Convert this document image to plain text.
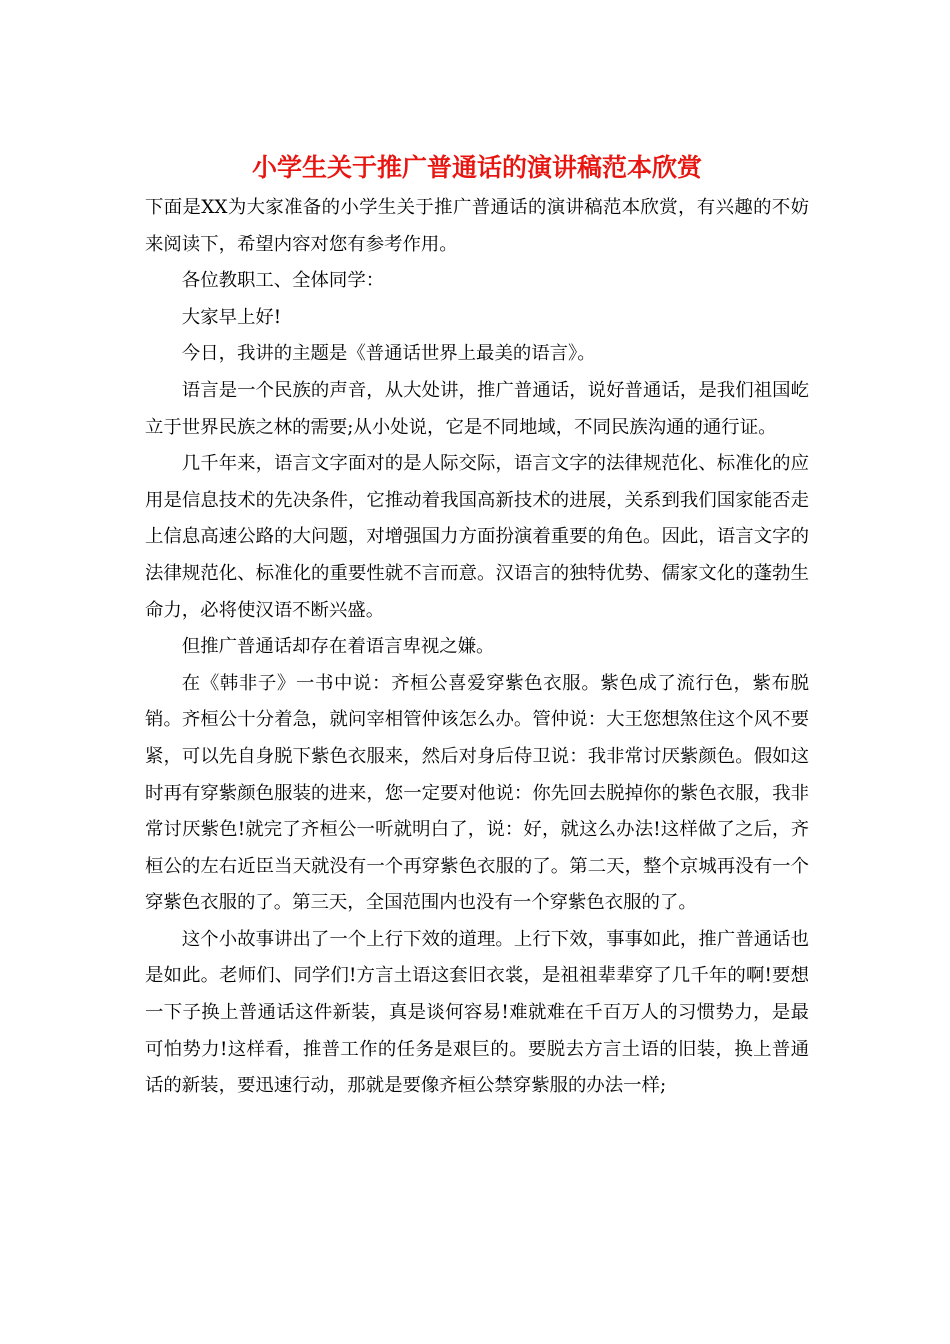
小学生关于推广普通话的演讲稿范本欣赏

下面是XX为大家准备的小学生关于推广普通话的演讲稿范本欣赏，有兴趣的不妨来阅读下，希望内容对您有参考作用。

各位教职工、全体同学：

大家早上好!

今日，我讲的主题是《普通话世界上最美的语言》。

语言是一个民族的声音，从大处讲，推广普通话，说好普通话，是我们祖国屹立于世界民族之林的需要;从小处说，它是不同地域，不同民族沟通的通行证。

几千年来，语言文字面对的是人际交际，语言文字的法律规范化、标准化的应用是信息技术的先决条件，它推动着我国高新技术的进展，关系到我们国家能否走上信息高速公路的大问题，对增强国力方面扮演着重要的角色。因此，语言文字的法律规范化、标准化的重要性就不言而意。汉语言的独特优势、儒家文化的蓬勃生命力，必将使汉语不断兴盛。

但推广普通话却存在着语言卑视之嫌。

在《韩非子》一书中说：齐桓公喜爱穿紫色衣服。紫色成了流行色，紫布脱销。齐桓公十分着急，就问宰相管仲该怎么办。管仲说：大王您想煞住这个风不要紧，可以先自身脱下紫色衣服来，然后对身后侍卫说：我非常讨厌紫颜色。假如这时再有穿紫颜色服装的进来，您一定要对他说：你先回去脱掉你的紫色衣服，我非常讨厌紫色!就完了齐桓公一听就明白了，说：好，就这么办法!这样做了之后，齐桓公的左右近臣当天就没有一个再穿紫色衣服的了。第二天，整个京城再没有一个穿紫色衣服的了。第三天，全国范围内也没有一个穿紫色衣服的了。

这个小故事讲出了一个上行下效的道理。上行下效，事事如此，推广普通话也是如此。老师们、同学们!方言土语这套旧衣裳，是祖祖辈辈穿了几千年的啊!要想一下子换上普通话这件新装，真是谈何容易!难就难在千百万人的习惯势力，是最可怕势力!这样看，推普工作的任务是艰巨的。要脱去方言土语的旧装，换上普通话的新装，要迅速行动，那就是要像齐桓公禁穿紫服的办法一样;
